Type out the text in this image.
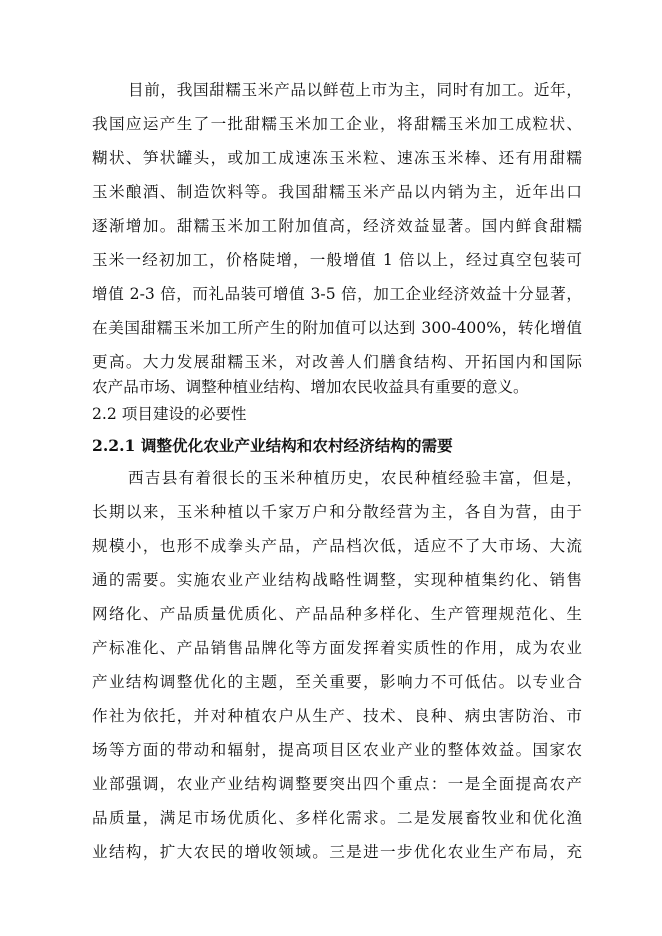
目前，我国甜糯玉米产品以鲜苞上市为主，同时有加工。近年，
我国应运产生了一批甜糯玉米加工企业，将甜糯玉米加工成粒状、
糊状、笋状罐头，或加工成速冻玉米粒、速冻玉米棒、还有用甜糯
玉米酿酒、制造饮料等。我国甜糯玉米产品以内销为主，近年出口
逐渐增加。甜糯玉米加工附加值高，经济效益显著。国内鲜食甜糯
玉米一经初加工，价格陡增，一般增值 1 倍以上，经过真空包装可
增值 2-3 倍，而礼品装可增值 3-5 倍，加工企业经济效益十分显著，
在美国甜糯玉米加工所产生的附加值可以达到 300-400%，转化增值
更高。大力发展甜糯玉米，对改善人们膳食结构、开拓国内和国际
农产品市场、调整种植业结构、增加农民收益具有重要的意义。
2.2 项目建设的必要性
2.2.1 调整优化农业产业结构和农村经济结构的需要
西吉县有着很长的玉米种植历史，农民种植经验丰富，但是，
长期以来，玉米种植以千家万户和分散经营为主，各自为营，由于
规模小，也形不成拳头产品，产品档次低，适应不了大市场、大流
通的需要。实施农业产业结构战略性调整，实现种植集约化、销售
网络化、产品质量优质化、产品品种多样化、生产管理规范化、生
产标准化、产品销售品牌化等方面发挥着实质性的作用，成为农业
产业结构调整优化的主题，至关重要，影响力不可低估。以专业合
作社为依托，并对种植农户从生产、技术、良种、病虫害防治、市
场等方面的带动和辐射，提高项目区农业产业的整体效益。国家农
业部强调，农业产业结构调整要突出四个重点：一是全面提高农产
品质量，满足市场优质化、多样化需求。二是发展畜牧业和优化渔
业结构，扩大农民的增收领域。三是进一步优化农业生产布局，充
